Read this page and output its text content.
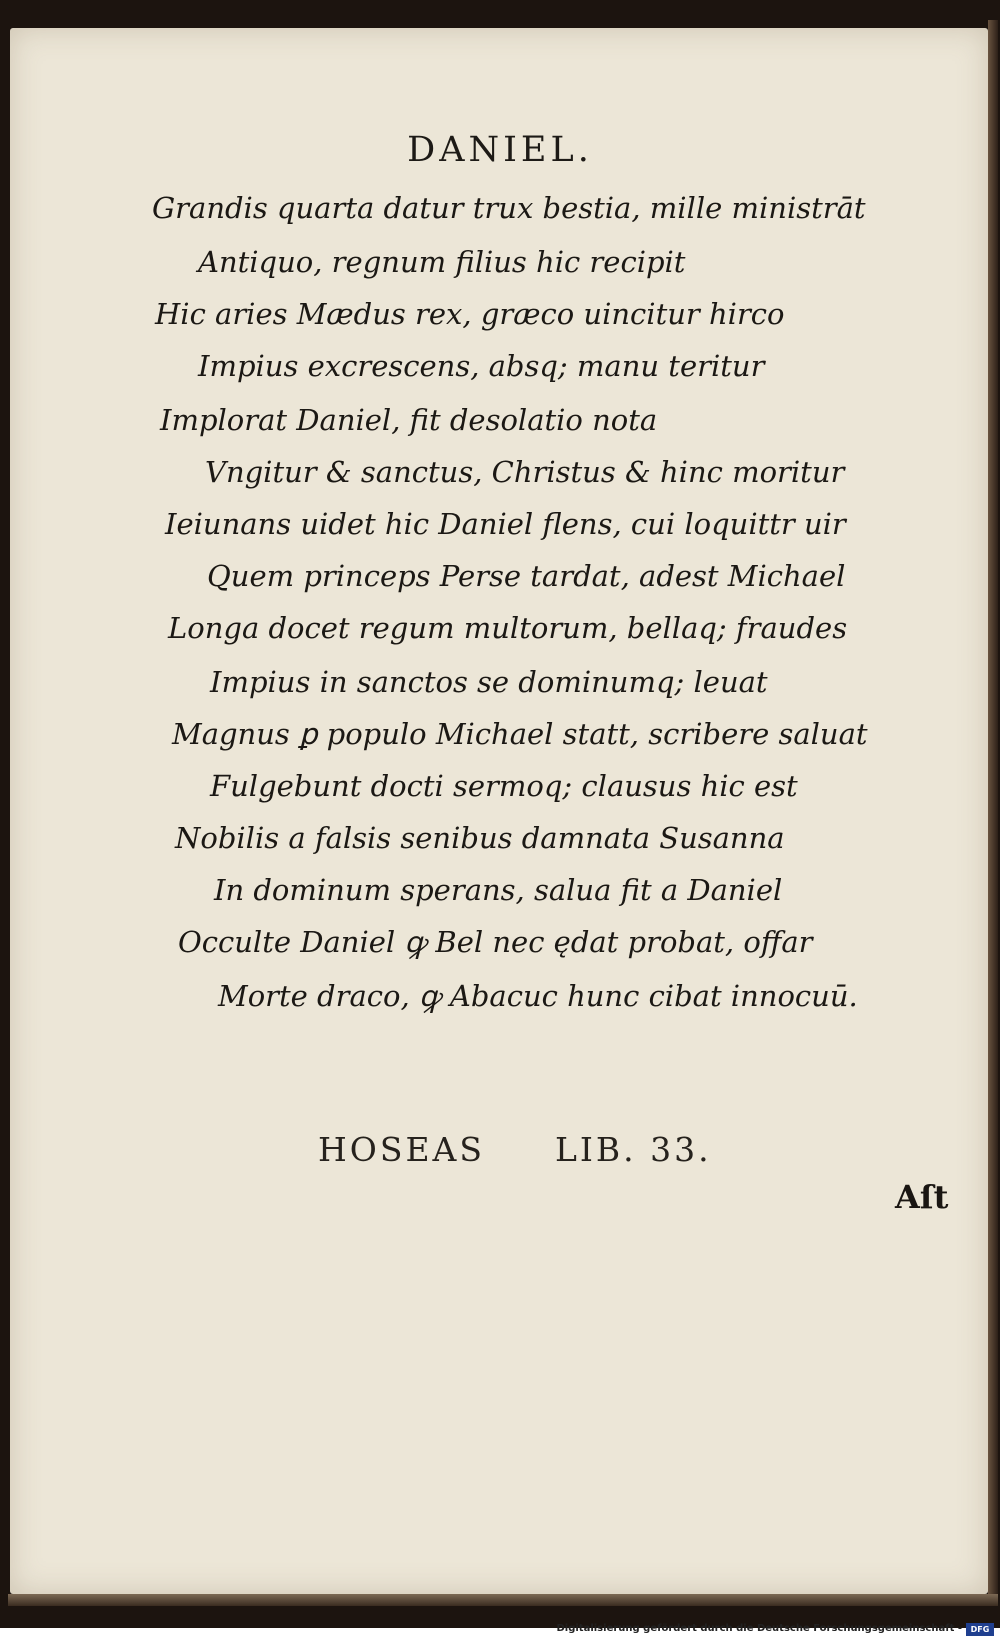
DANIEL.
Grandis quarta datur trux bestia, mille ministrāt
Antiquo, regnum filius hic recipit
Hic aries Mædus rex, græco uincitur hirco
Impius excrescens, absq; manu teritur
Implorat Daniel, fit desolatio nota
Vngitur & sanctus, Christus & hinc moritur
Ieiunans uidet hic Daniel flens, cui loquittr uir
Quem princeps Perse tardat, adest Michael
Longa docet regum multorum, bellaq; fraudes
Impius in sanctos se dominumq; leuat
Magnus ꝑ populo Michael statt, scribere saluat
Fulgebunt docti sermoq; clausus hic est
Nobilis a falsis senibus damnata Susanna
In dominum sperans, salua fit a Daniel
Occulte Daniel ꝙ Bel nec ędat probat, offar
Morte draco, ꝙ Abacuc hunc cibat innocuū.
HOSEAS LIB. 33.
Aſt
Digitalisierung gefördert durch die Deutsche Forschungsgemeinschaft -	DFG
